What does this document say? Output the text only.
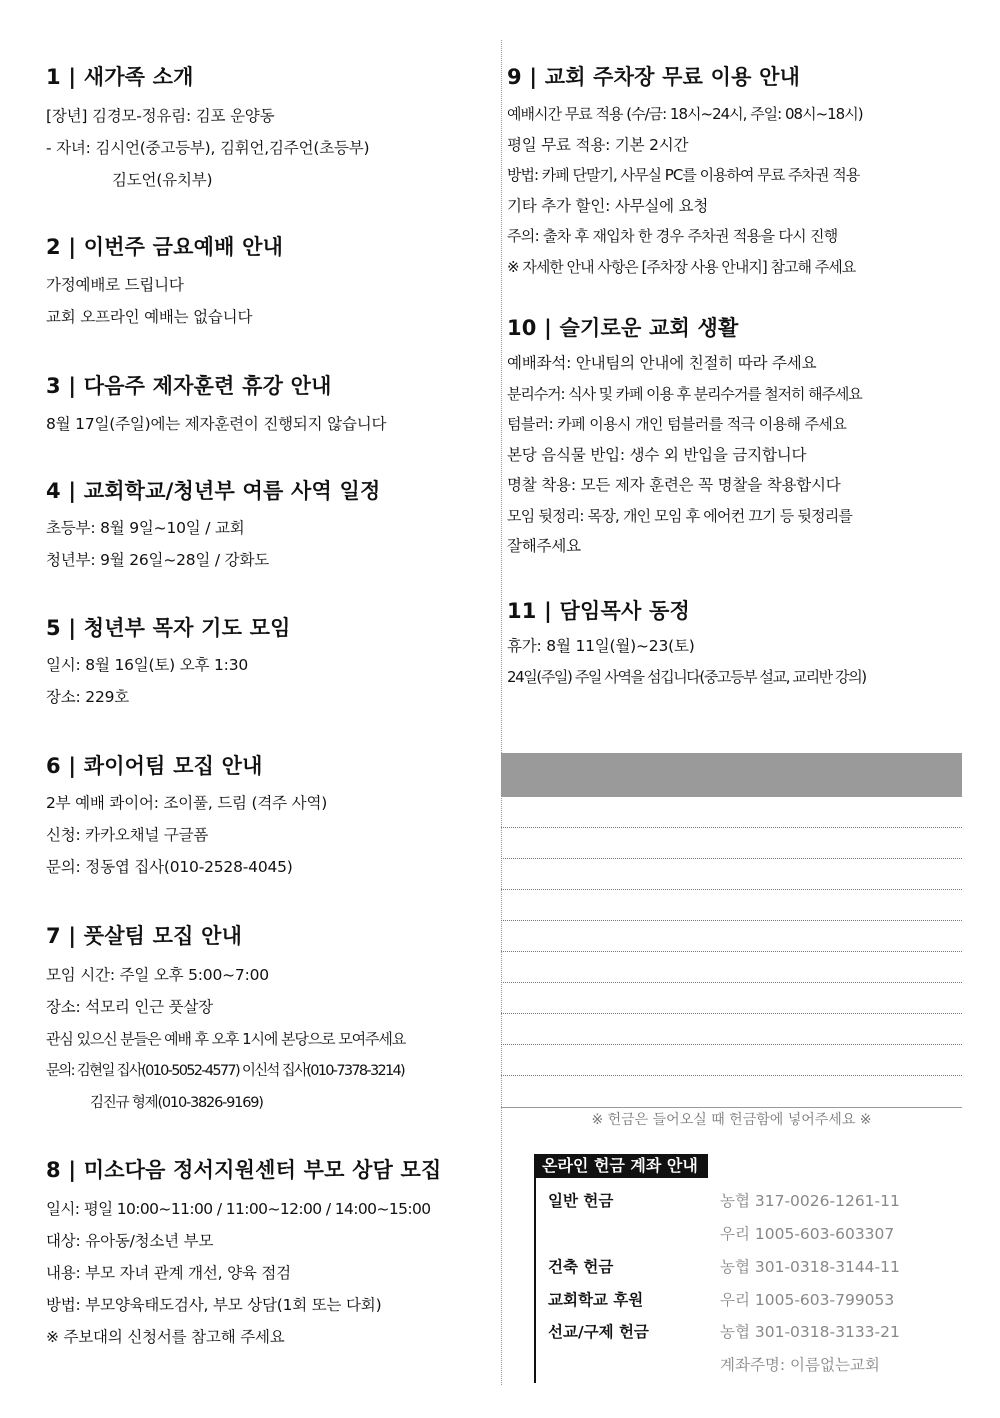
1 | 새가족 소개
[장년] 김경모-정유림: 김포 운양동
- 자녀: 김시언(중고등부), 김휘언,김주언(초등부)
김도언(유치부)
2 | 이번주 금요예배 안내
가정예배로 드립니다
교회 오프라인 예배는 없습니다
3 | 다음주 제자훈련 휴강 안내
8월 17일(주일)에는 제자훈련이 진행되지 않습니다
4 | 교회학교/청년부 여름 사역 일정
초등부: 8월 9일~10일 / 교회
청년부: 9월 26일~28일 / 강화도
5 | 청년부 목자 기도 모임
일시: 8월 16일(토) 오후 1:30
장소: 229호
6 | 콰이어팀 모집 안내
2부 예배 콰이어: 조이풀, 드림 (격주 사역)
신청: 카카오채널 구글폼
문의: 정동엽 집사(010-2528-4045)
7 | 풋살팀 모집 안내
모임 시간: 주일 오후 5:00~7:00
장소: 석모리 인근 풋살장
관심 있으신 분들은 예배 후 오후 1시에 본당으로 모여주세요
문의: 김현일 집사(010-5052-4577) 이신석 집사(010-7378-3214)
김진규 형제(010-3826-9169)
8 | 미소다음 정서지원센터 부모 상담 모집
일시: 평일 10:00~11:00 / 11:00~12:00 / 14:00~15:00
대상: 유아동/청소년 부모
내용: 부모 자녀 관계 개선, 양육 점검
방법: 부모양육태도검사, 부모 상담(1회 또는 다회)
※ 주보대의 신청서를 참고해 주세요
9 | 교회 주차장 무료 이용 안내
예배시간 무료 적용 (수/금: 18시~24시, 주일: 08시~18시)
평일 무료 적용: 기본 2시간
방법: 카페 단말기, 사무실 PC를 이용하여 무료 주차권 적용
기타 추가 할인: 사무실에 요청
주의: 출차 후 재입차 한 경우 주차권 적용을 다시 진행
※ 자세한 안내 사항은 [주차장 사용 안내지] 참고해 주세요
10 | 슬기로운 교회 생활
예배좌석: 안내팀의 안내에 친절히 따라 주세요
분리수거: 식사 및 카페 이용 후 분리수거를 철저히 해주세요
텀블러: 카페 이용시 개인 텀블러를 적극 이용해 주세요
본당 음식물 반입: 생수 외 반입을 금지합니다
명찰 착용: 모든 제자 훈련은 꼭 명찰을 착용합시다
모임 뒷정리: 목장, 개인 모임 후 에어컨 끄기 등 뒷정리를
잘해주세요
11 | 담임목사 동정
휴가: 8월 11일(월)~23(토)
24일(주일) 주일 사역을 섬깁니다(중고등부 설교, 교리반 강의)
※ 헌금은 들어오실 때 헌금함에 넣어주세요 ※
온라인 헌금 계좌 안내
일반 헌금	농협 317-0026-1261-11
우리 1005-603-603307
건축 헌금	농협 301-0318-3144-11
교회학교 후원	우리 1005-603-799053
선교/구제 헌금	농협 301-0318-3133-21
계좌주명: 이름없는교회
